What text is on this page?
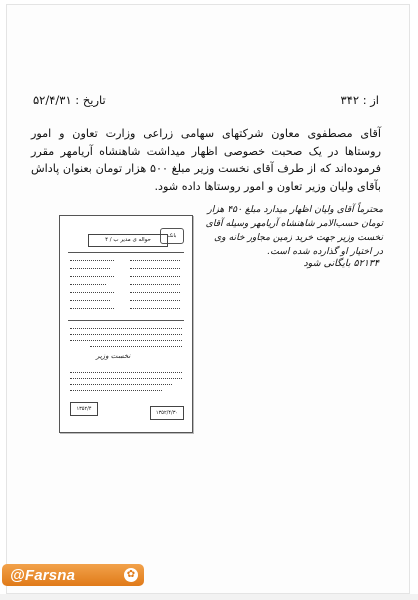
از : ۳۴۲
تاریخ : ۵۲/۴/۳۱
آقای مصطفوی معاون شرکتهای سهامی زراعی وزارت تعاون و امور روستاها در یک صحبت خصوصی اظهار میداشت شاهنشاه آریامهر مقرر فرموده‌اند که از طرف آقای نخست وزیر مبلغ ۵۰۰ هزار تومان بعنوان پاداش بآقای ولیان وزیر تعاون و امور روستاها داده شود.
محترماً آقای ولیان اظهار میدارد مبلغ ۴۵۰ هزار تومان حسب‌الامر شاهنشاه آریامهر وسیله آقای نخست وزیر جهت خرید زمین مجاور خانه وی در اختیار او گذارده شده است.
۵۲۱۳۴ بایگانی شود
بانک
حواله ی مدیر ب / ۴
نخست وزیر
۱۳۵۲/۴
۱۳۵۲/۴/۳۰
@Farsna	✿
